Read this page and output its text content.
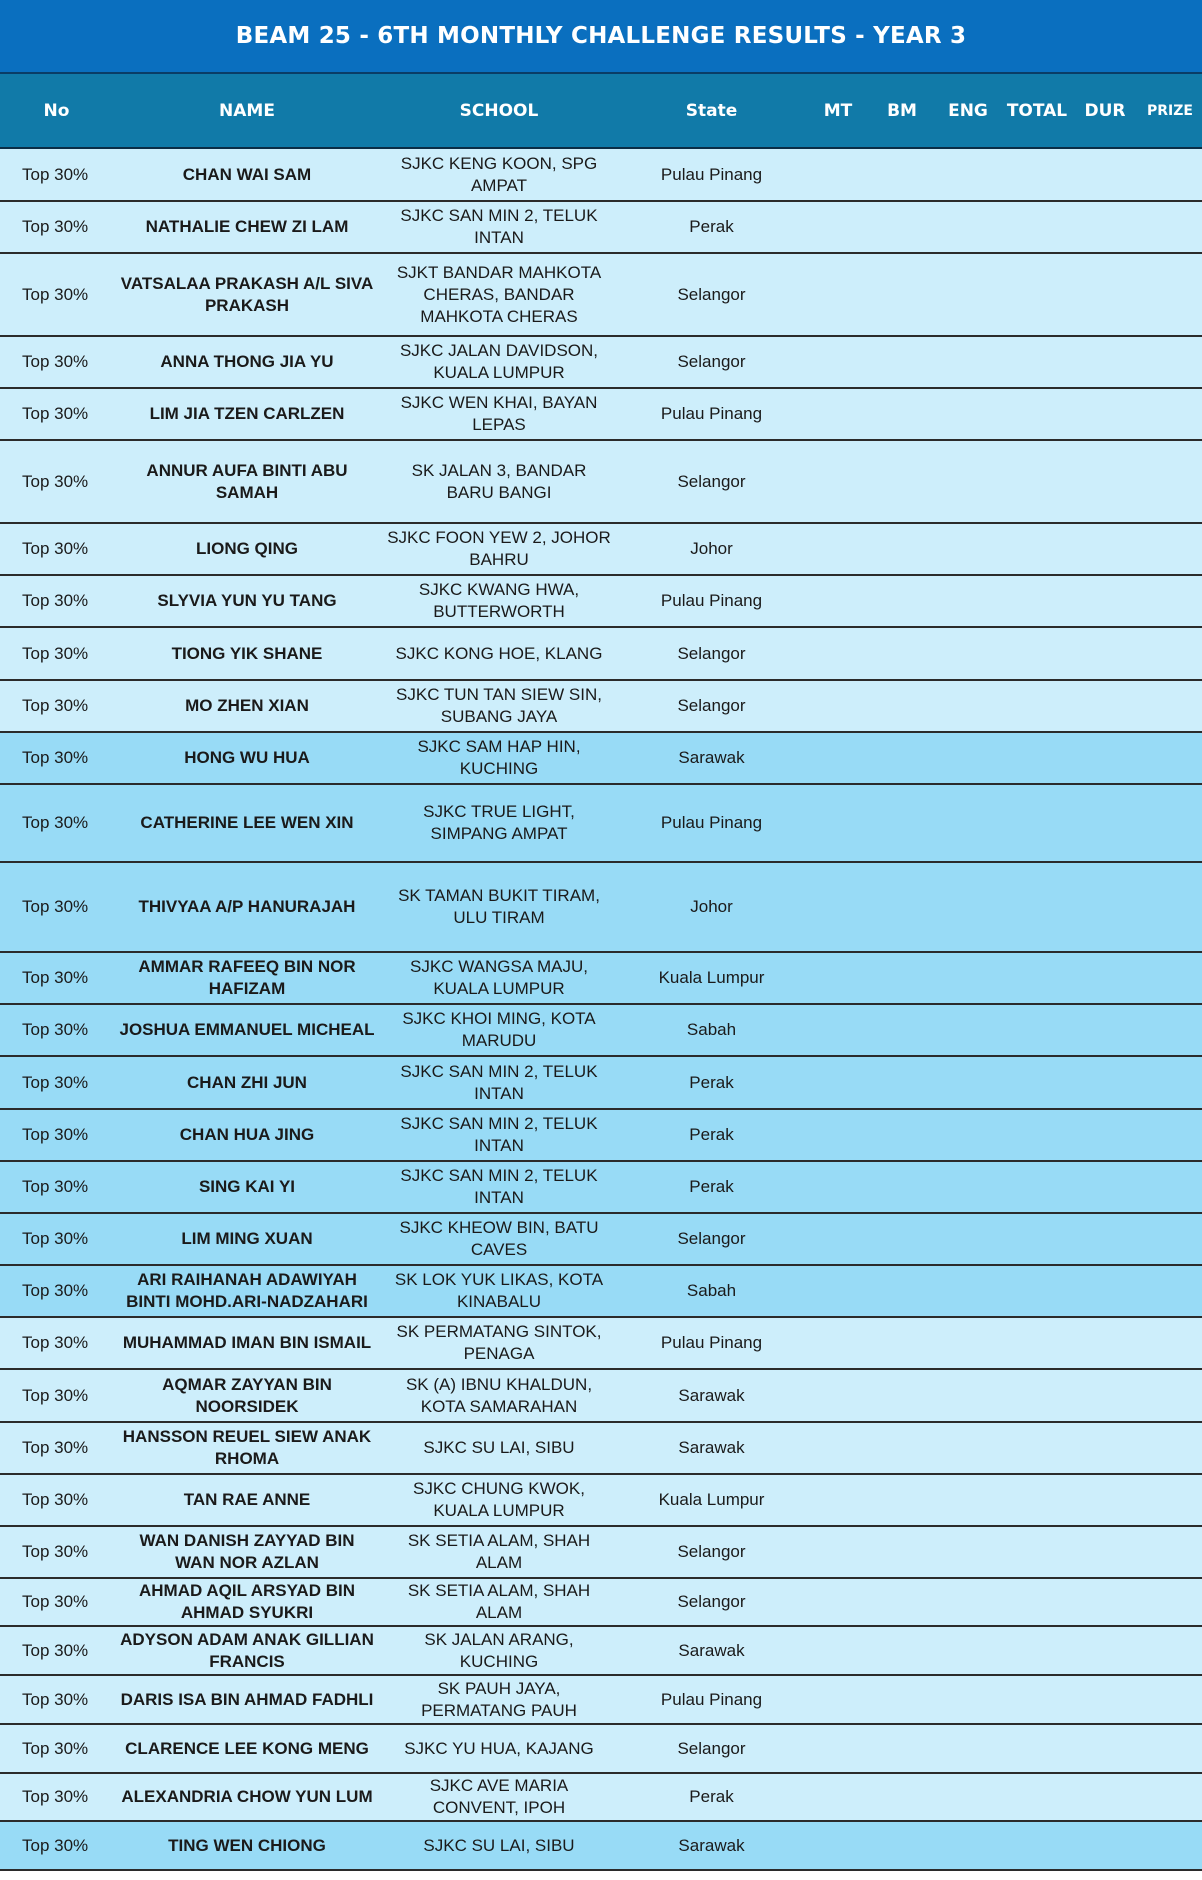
BEAM 25 - 6TH MONTHLY CHALLENGE RESULTS - YEAR 3
No	NAME	SCHOOL	State	MT	BM	ENG	TOTAL	DUR	PRIZE
Top 30%	CHAN WAI SAM	SJKC KENG KOON, SPG AMPAT	Pulau Pinang						
Top 30%	NATHALIE CHEW ZI LAM	SJKC SAN MIN 2, TELUK INTAN	Perak						
Top 30%	VATSALAA PRAKASH A/L SIVA PRAKASH	SJKT BANDAR MAHKOTA CHERAS, BANDAR MAHKOTA CHERAS	Selangor						
Top 30%	ANNA THONG JIA YU	SJKC JALAN DAVIDSON, KUALA LUMPUR	Selangor						
Top 30%	LIM JIA TZEN CARLZEN	SJKC WEN KHAI, BAYAN LEPAS	Pulau Pinang						
Top 30%	ANNUR AUFA BINTI ABU SAMAH	SK JALAN 3, BANDAR BARU BANGI	Selangor						
Top 30%	LIONG QING	SJKC FOON YEW 2, JOHOR BAHRU	Johor						
Top 30%	SLYVIA YUN YU TANG	SJKC KWANG HWA, BUTTERWORTH	Pulau Pinang						
Top 30%	TIONG YIK SHANE	SJKC KONG HOE, KLANG	Selangor						
Top 30%	MO ZHEN XIAN	SJKC TUN TAN SIEW SIN, SUBANG JAYA	Selangor						
Top 30%	HONG WU HUA	SJKC SAM HAP HIN, KUCHING	Sarawak						
Top 30%	CATHERINE LEE WEN XIN	SJKC TRUE LIGHT, SIMPANG AMPAT	Pulau Pinang						
Top 30%	THIVYAA A/P HANURAJAH	SK TAMAN BUKIT TIRAM, ULU TIRAM	Johor						
Top 30%	AMMAR RAFEEQ BIN NOR HAFIZAM	SJKC WANGSA MAJU, KUALA LUMPUR	Kuala Lumpur						
Top 30%	JOSHUA EMMANUEL MICHEAL	SJKC KHOI MING, KOTA MARUDU	Sabah						
Top 30%	CHAN ZHI JUN	SJKC SAN MIN 2, TELUK INTAN	Perak						
Top 30%	CHAN HUA JING	SJKC SAN MIN 2, TELUK INTAN	Perak						
Top 30%	SING KAI YI	SJKC SAN MIN 2, TELUK INTAN	Perak						
Top 30%	LIM MING XUAN	SJKC KHEOW BIN, BATU CAVES	Selangor						
Top 30%	ARI RAIHANAH ADAWIYAH BINTI MOHD.ARI-NADZAHARI	SK LOK YUK LIKAS, KOTA KINABALU	Sabah						
Top 30%	MUHAMMAD IMAN BIN ISMAIL	SK PERMATANG SINTOK, PENAGA	Pulau Pinang						
Top 30%	AQMAR ZAYYAN BIN NOORSIDEK	SK (A) IBNU KHALDUN, KOTA SAMARAHAN	Sarawak						
Top 30%	HANSSON REUEL SIEW ANAK RHOMA	SJKC SU LAI, SIBU	Sarawak						
Top 30%	TAN RAE ANNE	SJKC CHUNG KWOK, KUALA LUMPUR	Kuala Lumpur						
Top 30%	WAN DANISH ZAYYAD BIN WAN NOR AZLAN	SK SETIA ALAM, SHAH ALAM	Selangor						
Top 30%	AHMAD AQIL ARSYAD BIN AHMAD SYUKRI	SK SETIA ALAM, SHAH ALAM	Selangor						
Top 30%	ADYSON ADAM ANAK GILLIAN FRANCIS	SK JALAN ARANG, KUCHING	Sarawak						
Top 30%	DARIS ISA BIN AHMAD FADHLI	SK PAUH JAYA, PERMATANG PAUH	Pulau Pinang						
Top 30%	CLARENCE LEE KONG MENG	SJKC YU HUA, KAJANG	Selangor						
Top 30%	ALEXANDRIA CHOW YUN LUM	SJKC AVE MARIA CONVENT, IPOH	Perak						
Top 30%	TING WEN CHIONG	SJKC SU LAI, SIBU	Sarawak						
